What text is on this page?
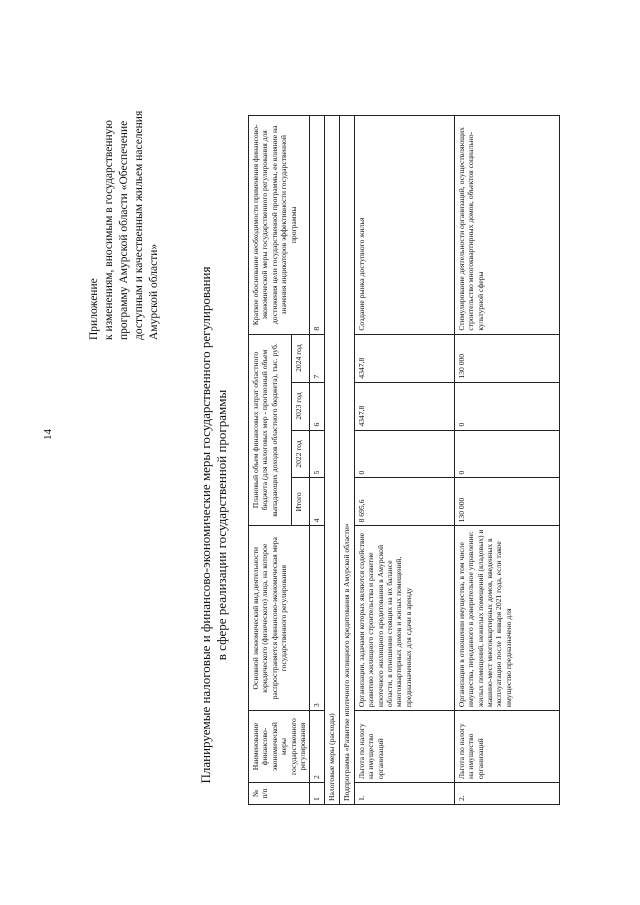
14
Приложение к изменениям, вносимым в государственную программу Амурской области «Обеспечение доступным и качественным жильем населения Амурской области»	Планируемые налоговые и финансово-экономические меры государственного регулирования в сфере реализации государственной программы
№ п/п	Наименование финансово-экономической меры государственного регулирования	Основной экономический вид деятельности юридического (физического) лица, на которое распространяется финансово-экономическая мера государственного регулирования	Плановый объем финансовых затрат областного бюджета (для налоговых мер - прогнозный объем выпадающих доходов областного бюджета), тыс. руб.				Краткое обоснование необходимости применения финансово-экономической меры государственного регулирования для достижения цели государственной программы, ее влияние на значения индикаторов эффективности государственной программы
			Итого	2022 год	2023 год	2024 год	
1	2	3	4	5	6	7	8
Налоговые меры (расходы)							
Подпрограмма «Развитие ипотечного жилищного кредитования в Амурской области»							
1.	Льгота по налогу на имущество организаций	Организации, задачами которых являются содействие развитию жилищного строительства и развитие ипотечного жилищного кредитования в Амурской области, в отношении стоящих на их балансе многоквартирных домов и жилых помещений, предназначенных для сдачи в аренду	8 695,6	0	4347,8	4347,8	Создание рынка доступного жилья
2.	Льгота по налогу на имущество организаций	Организации в отношении имущества, в том числе имущества, переданного в доверительное управление: жилых помещений, нежилых помещений (кладовых) и машино-мест многоквартирных домов, введенных в эксплуатацию после 1 января 2021 года, если такое имущество предназначено для	130 000	0	0	130 000	Стимулирование деятельности организаций, осуществляющих строительство многоквартирных домов, объектов социально-культурной сферы
